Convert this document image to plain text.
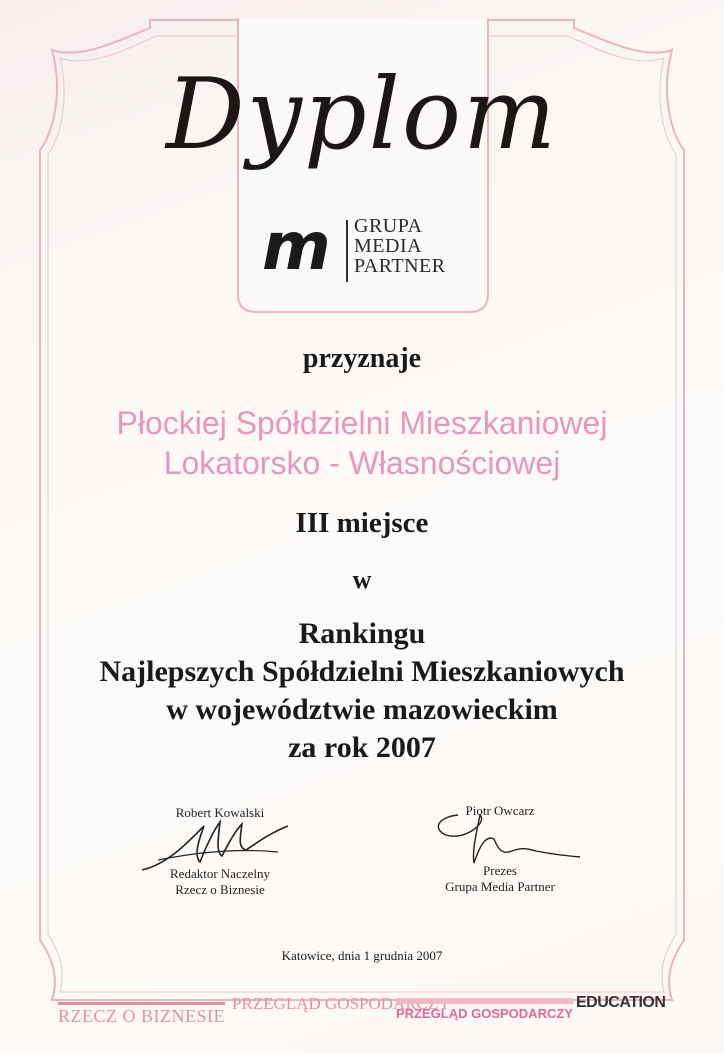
Dyplom
m GRUPA
MEDIA
PARTNER
przyznaje
Płockiej Spółdzielni Mieszkaniowej
Lokatorsko - Własnościowej
III miejsce
w
Rankingu
Najlepszych Spółdzielni Mieszkaniowych
w województwie mazowieckim
za rok 2007
Robert Kowalski
Redaktor Naczelny
Rzecz o Biznesie
Piotr Owcarz
Prezes
Grupa Media Partner
Katowice, dnia 1 grudnia 2007
RZECZ O BIZNESIE
PRZEGLĄD GOSPODARCZY
PRZEGLĄD GOSPODARCZY
EDUCATION
